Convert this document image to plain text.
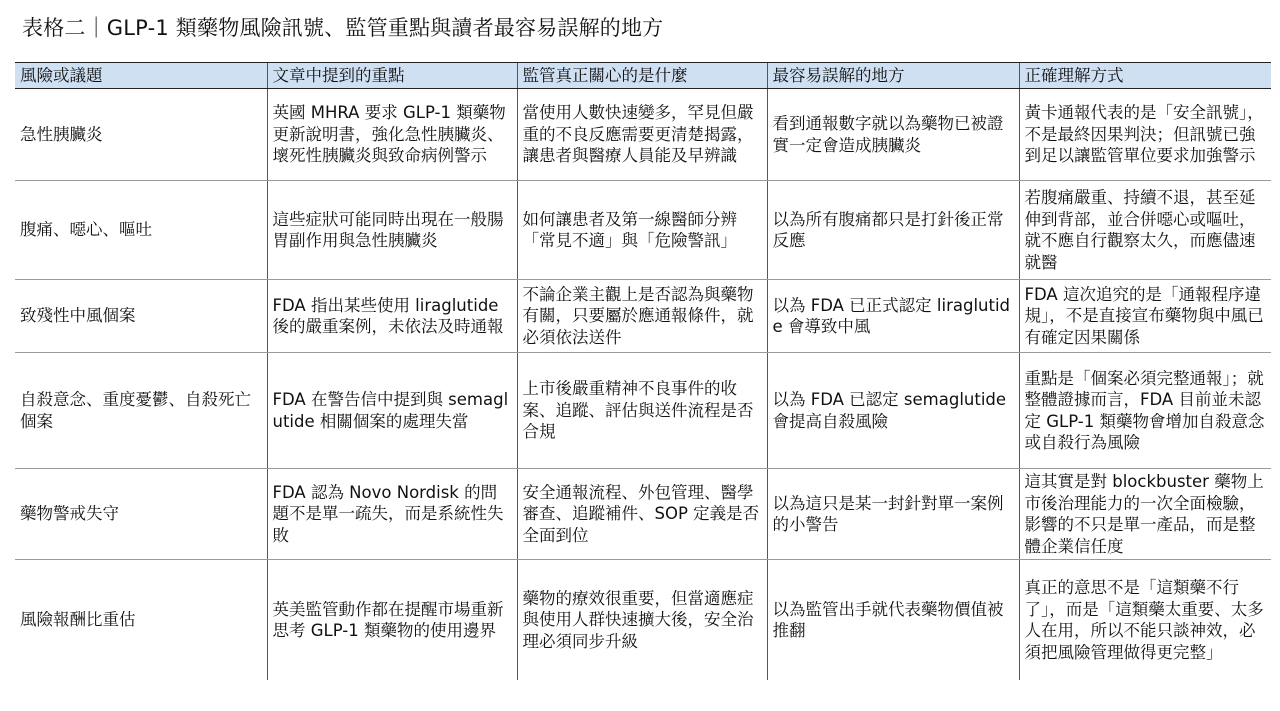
表格二｜GLP-1 類藥物風險訊號、監管重點與讀者最容易誤解的地方
風險或議題	文章中提到的重點	監管真正關心的是什麼	最容易誤解的地方	正確理解方式
急性胰臟炎	英國 MHRA 要求 GLP-1 類藥物更新說明書，強化急性胰臟炎、壞死性胰臟炎與致命病例警示	當使用人數快速變多，罕見但嚴重的不良反應需要更清楚揭露，讓患者與醫療人員能及早辨識	看到通報數字就以為藥物已被證實一定會造成胰臟炎	黃卡通報代表的是「安全訊號」，不是最終因果判決；但訊號已強到足以讓監管單位要求加強警示
腹痛、噁心、嘔吐	這些症狀可能同時出現在一般腸胃副作用與急性胰臟炎	如何讓患者及第一線醫師分辨「常見不適」與「危險警訊」	以為所有腹痛都只是打針後正常反應	若腹痛嚴重、持續不退，甚至延伸到背部，並合併噁心或嘔吐，就不應自行觀察太久，而應儘速就醫
致殘性中風個案	FDA 指出某些使用 liraglutide 後的嚴重案例，未依法及時通報	不論企業主觀上是否認為與藥物有關，只要屬於應通報條件，就必須依法送件	以為 FDA 已正式認定 liraglutide 會導致中風	FDA 這次追究的是「通報程序違規」，不是直接宣布藥物與中風已有確定因果關係
自殺意念、重度憂鬱、自殺死亡個案	FDA 在警告信中提到與 semaglutide 相關個案的處理失當	上市後嚴重精神不良事件的收案、追蹤、評估與送件流程是否合規	以為 FDA 已認定 semaglutide 會提高自殺風險	重點是「個案必須完整通報」；就整體證據而言，FDA 目前並未認定 GLP-1 類藥物會增加自殺意念或自殺行為風險
藥物警戒失守	FDA 認為 Novo Nordisk 的問題不是單一疏失，而是系統性失敗	安全通報流程、外包管理、醫學審查、追蹤補件、SOP 定義是否全面到位	以為這只是某一封針對單一案例的小警告	這其實是對 blockbuster 藥物上市後治理能力的一次全面檢驗，影響的不只是單一產品，而是整體企業信任度
風險報酬比重估	英美監管動作都在提醒市場重新思考 GLP-1 類藥物的使用邊界	藥物的療效很重要，但當適應症與使用人群快速擴大後，安全治理必須同步升級	以為監管出手就代表藥物價值被推翻	真正的意思不是「這類藥不行了」，而是「這類藥太重要、太多人在用，所以不能只談神效，必須把風險管理做得更完整」
